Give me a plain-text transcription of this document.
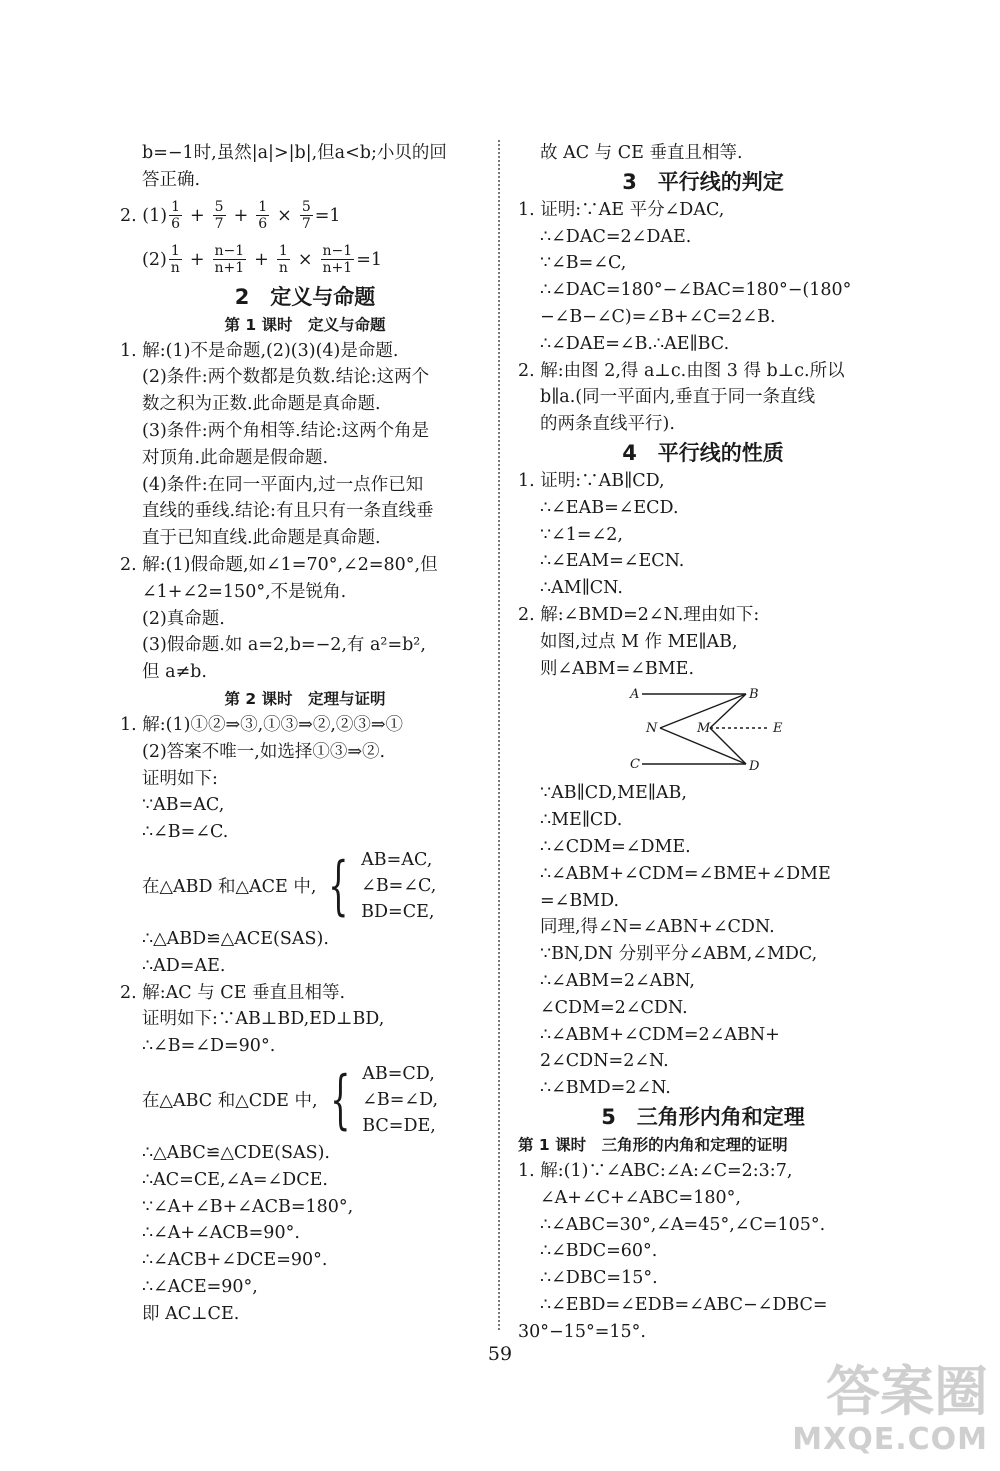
b=−1时,虽然|a|>|b|,但a<b;小贝的回
答正确.
2. (1) 1
$6 + \frac{5}{7} + \frac{1}{6} \times \frac{5}{7} =1$
(2) 1
$n + \frac{n-1}{n+1} + \frac{1}{n} \times \frac{n-1}{n+1} =1$
2　定义与命题
第 1 课时　定义与命题
1. 解:(1)不是命题,(2)(3)(4)是命题.
(2)条件:两个数都是负数.结论:这两个
数之积为正数.此命题是真命题.
(3)条件:两个角相等.结论:这两个角是
对顶角.此命题是假命题.
(4)条件:在同一平面内,过一点作已知
直线的垂线.结论:有且只有一条直线垂
直于已知直线.此命题是真命题.
2. 解:(1)假命题,如∠1=70°,∠2=80°,但
∠1+∠2=150°,不是锐角.
(2)真命题.
(3)假命题.如 a=2,b=−2,有 a²=b²,
但 a≠b.
第 2 课时　定理与证明
1. 解:(1)①②⇒③,①③⇒②,②③⇒①
(2)答案不唯一,如选择①③⇒②.
证明如下:
∵AB=AC,
∴∠B=∠C.
在△ABD 和△ACE 中, { AB=AC,
∠B=∠C,
BD=CE,
∴△ABD≌△ACE(SAS).
∴AD=AE.
2. 解:AC 与 CE 垂直且相等.
证明如下:∵AB⊥BD,ED⊥BD,
∴∠B=∠D=90°.
在△ABC 和△CDE 中, { AB=CD,
∠B=∠D,
BC=DE,
∴△ABC≌△CDE(SAS).
∴AC=CE,∠A=∠DCE.
∵∠A+∠B+∠ACB=180°,
∴∠A+∠ACB=90°.
∴∠ACB+∠DCE=90°.
∴∠ACE=90°,
即 AC⊥CE.
故 AC 与 CE 垂直且相等.
3　平行线的判定
1. 证明:∵AE 平分∠DAC,
∴∠DAC=2∠DAE.
∵∠B=∠C,
∴∠DAC=180°−∠BAC=180°−(180°
−∠B−∠C)=∠B+∠C=2∠B.
∴∠DAE=∠B.∴AE∥BC.
2. 解:由图 2,得 a⊥c.由图 3 得 b⊥c.所以
b∥a.(同一平面内,垂直于同一条直线
的两条直线平行).
4　平行线的性质
1. 证明:∵AB∥CD,
∴∠EAB=∠ECD.
∵∠1=∠2,
∴∠EAM=∠ECN.
∴AM∥CN.
2. 解:∠BMD=2∠N.理由如下:
如图,过点 M 作 ME∥AB,
则∠ABM=∠BME.
A	B
C	D
N	M	E
∵AB∥CD,ME∥AB,
∴ME∥CD.
∴∠CDM=∠DME.
∴∠ABM+∠CDM=∠BME+∠DME
=∠BMD.
同理,得∠N=∠ABN+∠CDN.
∵BN,DN 分别平分∠ABM,∠MDC,
∴∠ABM=2∠ABN,
∠CDM=2∠CDN.
∴∠ABM+∠CDM=2∠ABN+
2∠CDN=2∠N.
∴∠BMD=2∠N.
5　三角形内角和定理
第 1 课时　三角形的内角和定理的证明
1. 解:(1)∵∠ABC:∠A:∠C=2:3:7,
∠A+∠C+∠ABC=180°,
∴∠ABC=30°,∠A=45°,∠C=105°.
∴∠BDC=60°.
∴∠DBC=15°.
∴∠EBD=∠EDB=∠ABC−∠DBC=
30°−15°=15°.
59
答案圈
MXQE.COM
